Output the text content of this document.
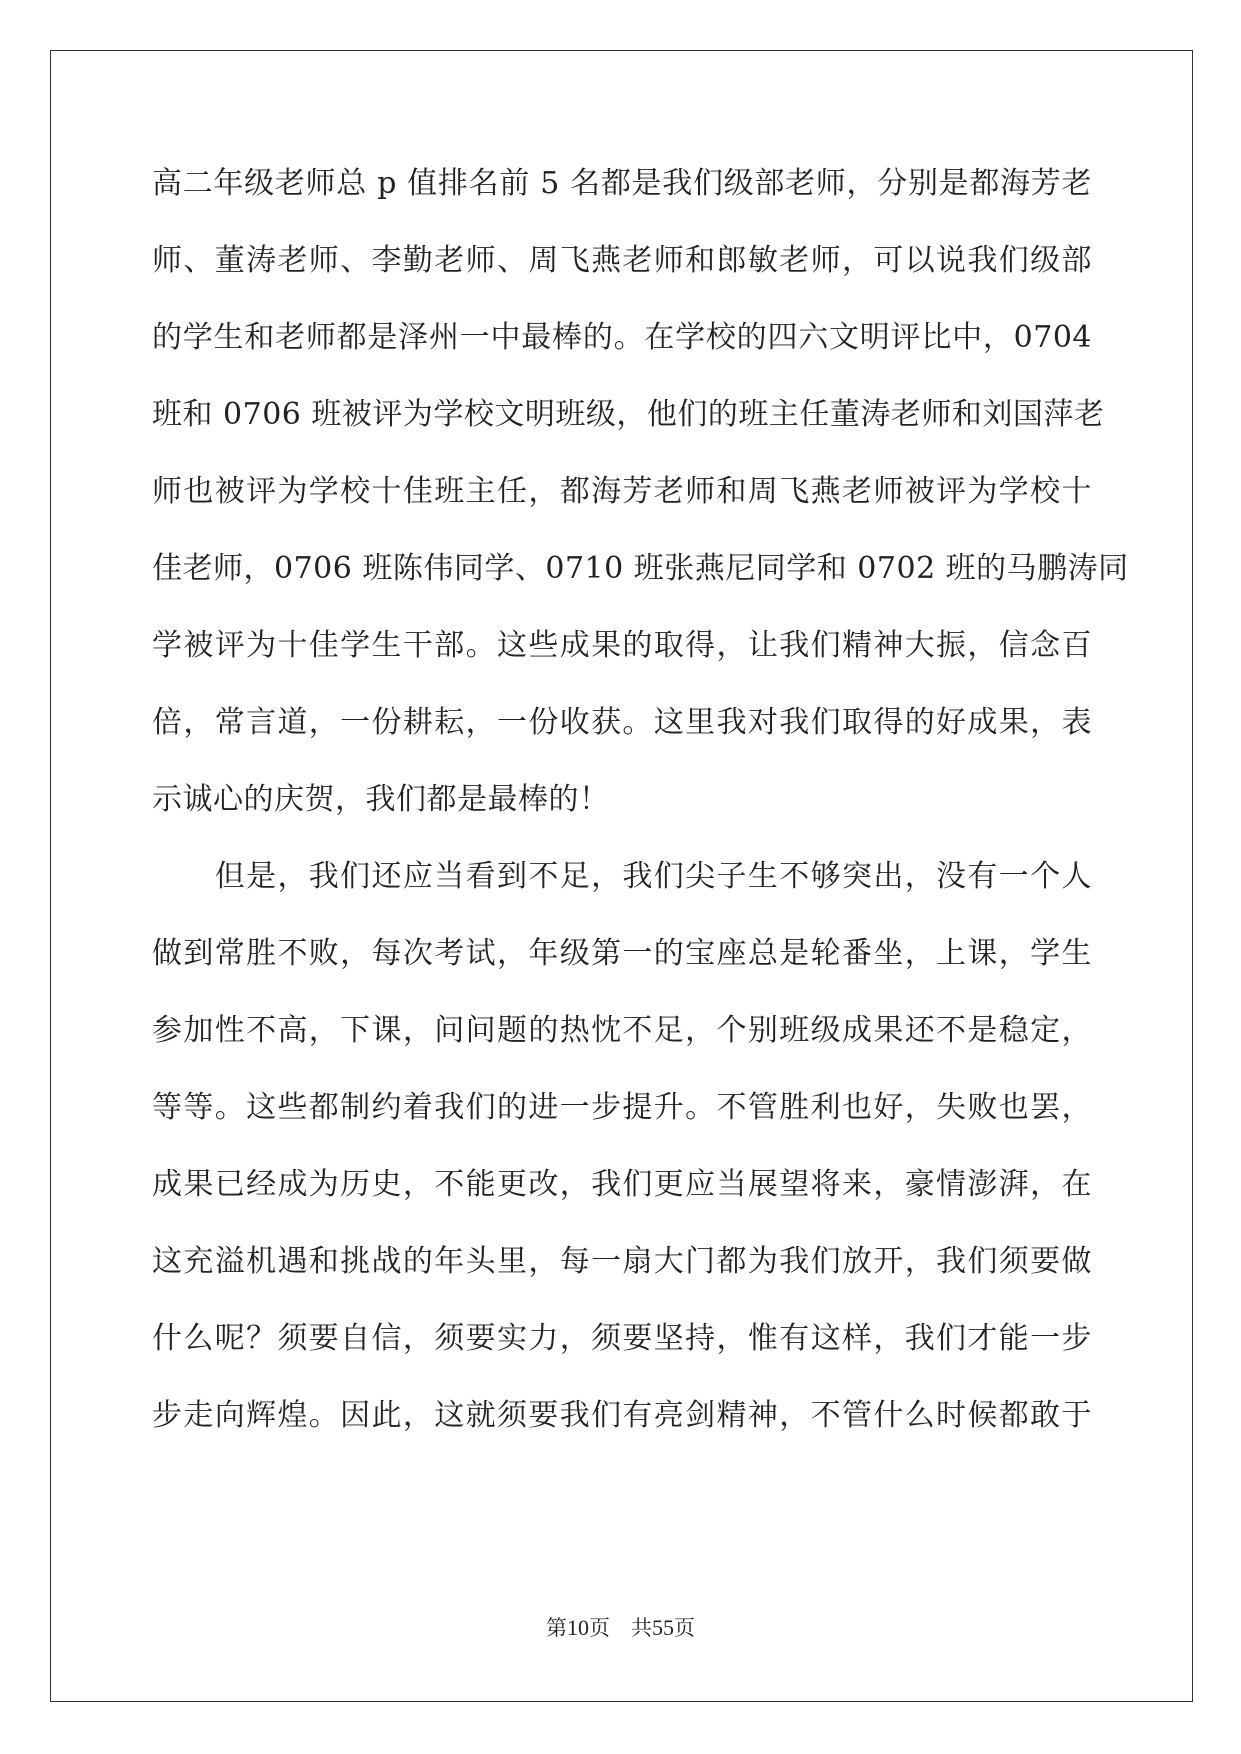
高二年级老师总 p 值排名前 5 名都是我们级部老师，分别是都海芳老
师、董涛老师、李勤老师、周飞燕老师和郎敏老师，可以说我们级部
的学生和老师都是泽州一中最棒的。在学校的四六文明评比中，0704
班和 0706 班被评为学校文明班级，他们的班主任董涛老师和刘国萍老
师也被评为学校十佳班主任，都海芳老师和周飞燕老师被评为学校十
佳老师，0706 班陈伟同学、0710 班张燕尼同学和 0702 班的马鹏涛同
学被评为十佳学生干部。这些成果的取得，让我们精神大振，信念百
倍，常言道，一份耕耘，一份收获。这里我对我们取得的好成果，表
示诚心的庆贺，我们都是最棒的！
　　但是，我们还应当看到不足，我们尖子生不够突出，没有一个人
做到常胜不败，每次考试，年级第一的宝座总是轮番坐，上课，学生
参加性不高，下课，问问题的热忱不足，个别班级成果还不是稳定，
等等。这些都制约着我们的进一步提升。不管胜利也好，失败也罢，
成果已经成为历史，不能更改，我们更应当展望将来，豪情澎湃，在
这充溢机遇和挑战的年头里，每一扇大门都为我们放开，我们须要做
什么呢？须要自信，须要实力，须要坚持，惟有这样，我们才能一步
步走向辉煌。因此，这就须要我们有亮剑精神，不管什么时候都敢于
第10页　共55页
